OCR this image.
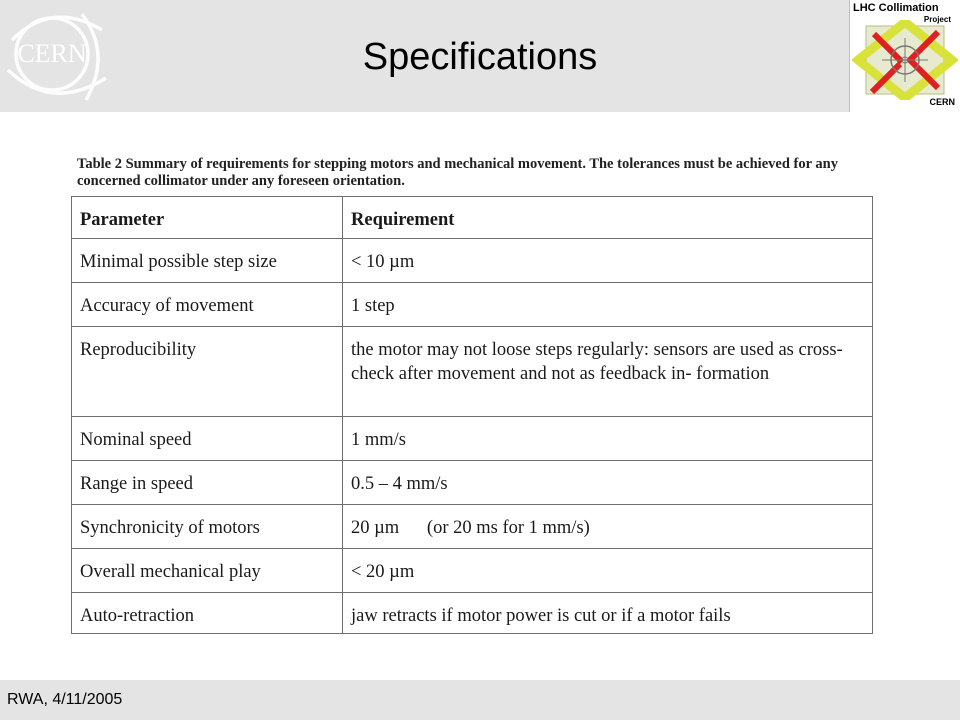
CERN	Specifications
LHC Collimation
Project
CERN
Table 2 Summary of requirements for stepping motors and mechanical movement. The tolerances must be achieved for any concerned collimator under any foreseen orientation.
Parameter	Requirement
Minimal possible step size	< 10 µm
Accuracy of movement	1 step
Reproducibility	the motor may not loose steps regularly: sensors are used as cross-check after movement and not as feedback in- formation
Nominal speed	1 mm/s
Range in speed	0.5 – 4 mm/s
Synchronicity of motors	20 µm      (or 20 ms for 1 mm/s)
Overall mechanical play	< 20 µm
Auto-retraction	jaw retracts if motor power is cut or if a motor fails
RWA, 4/11/2005
